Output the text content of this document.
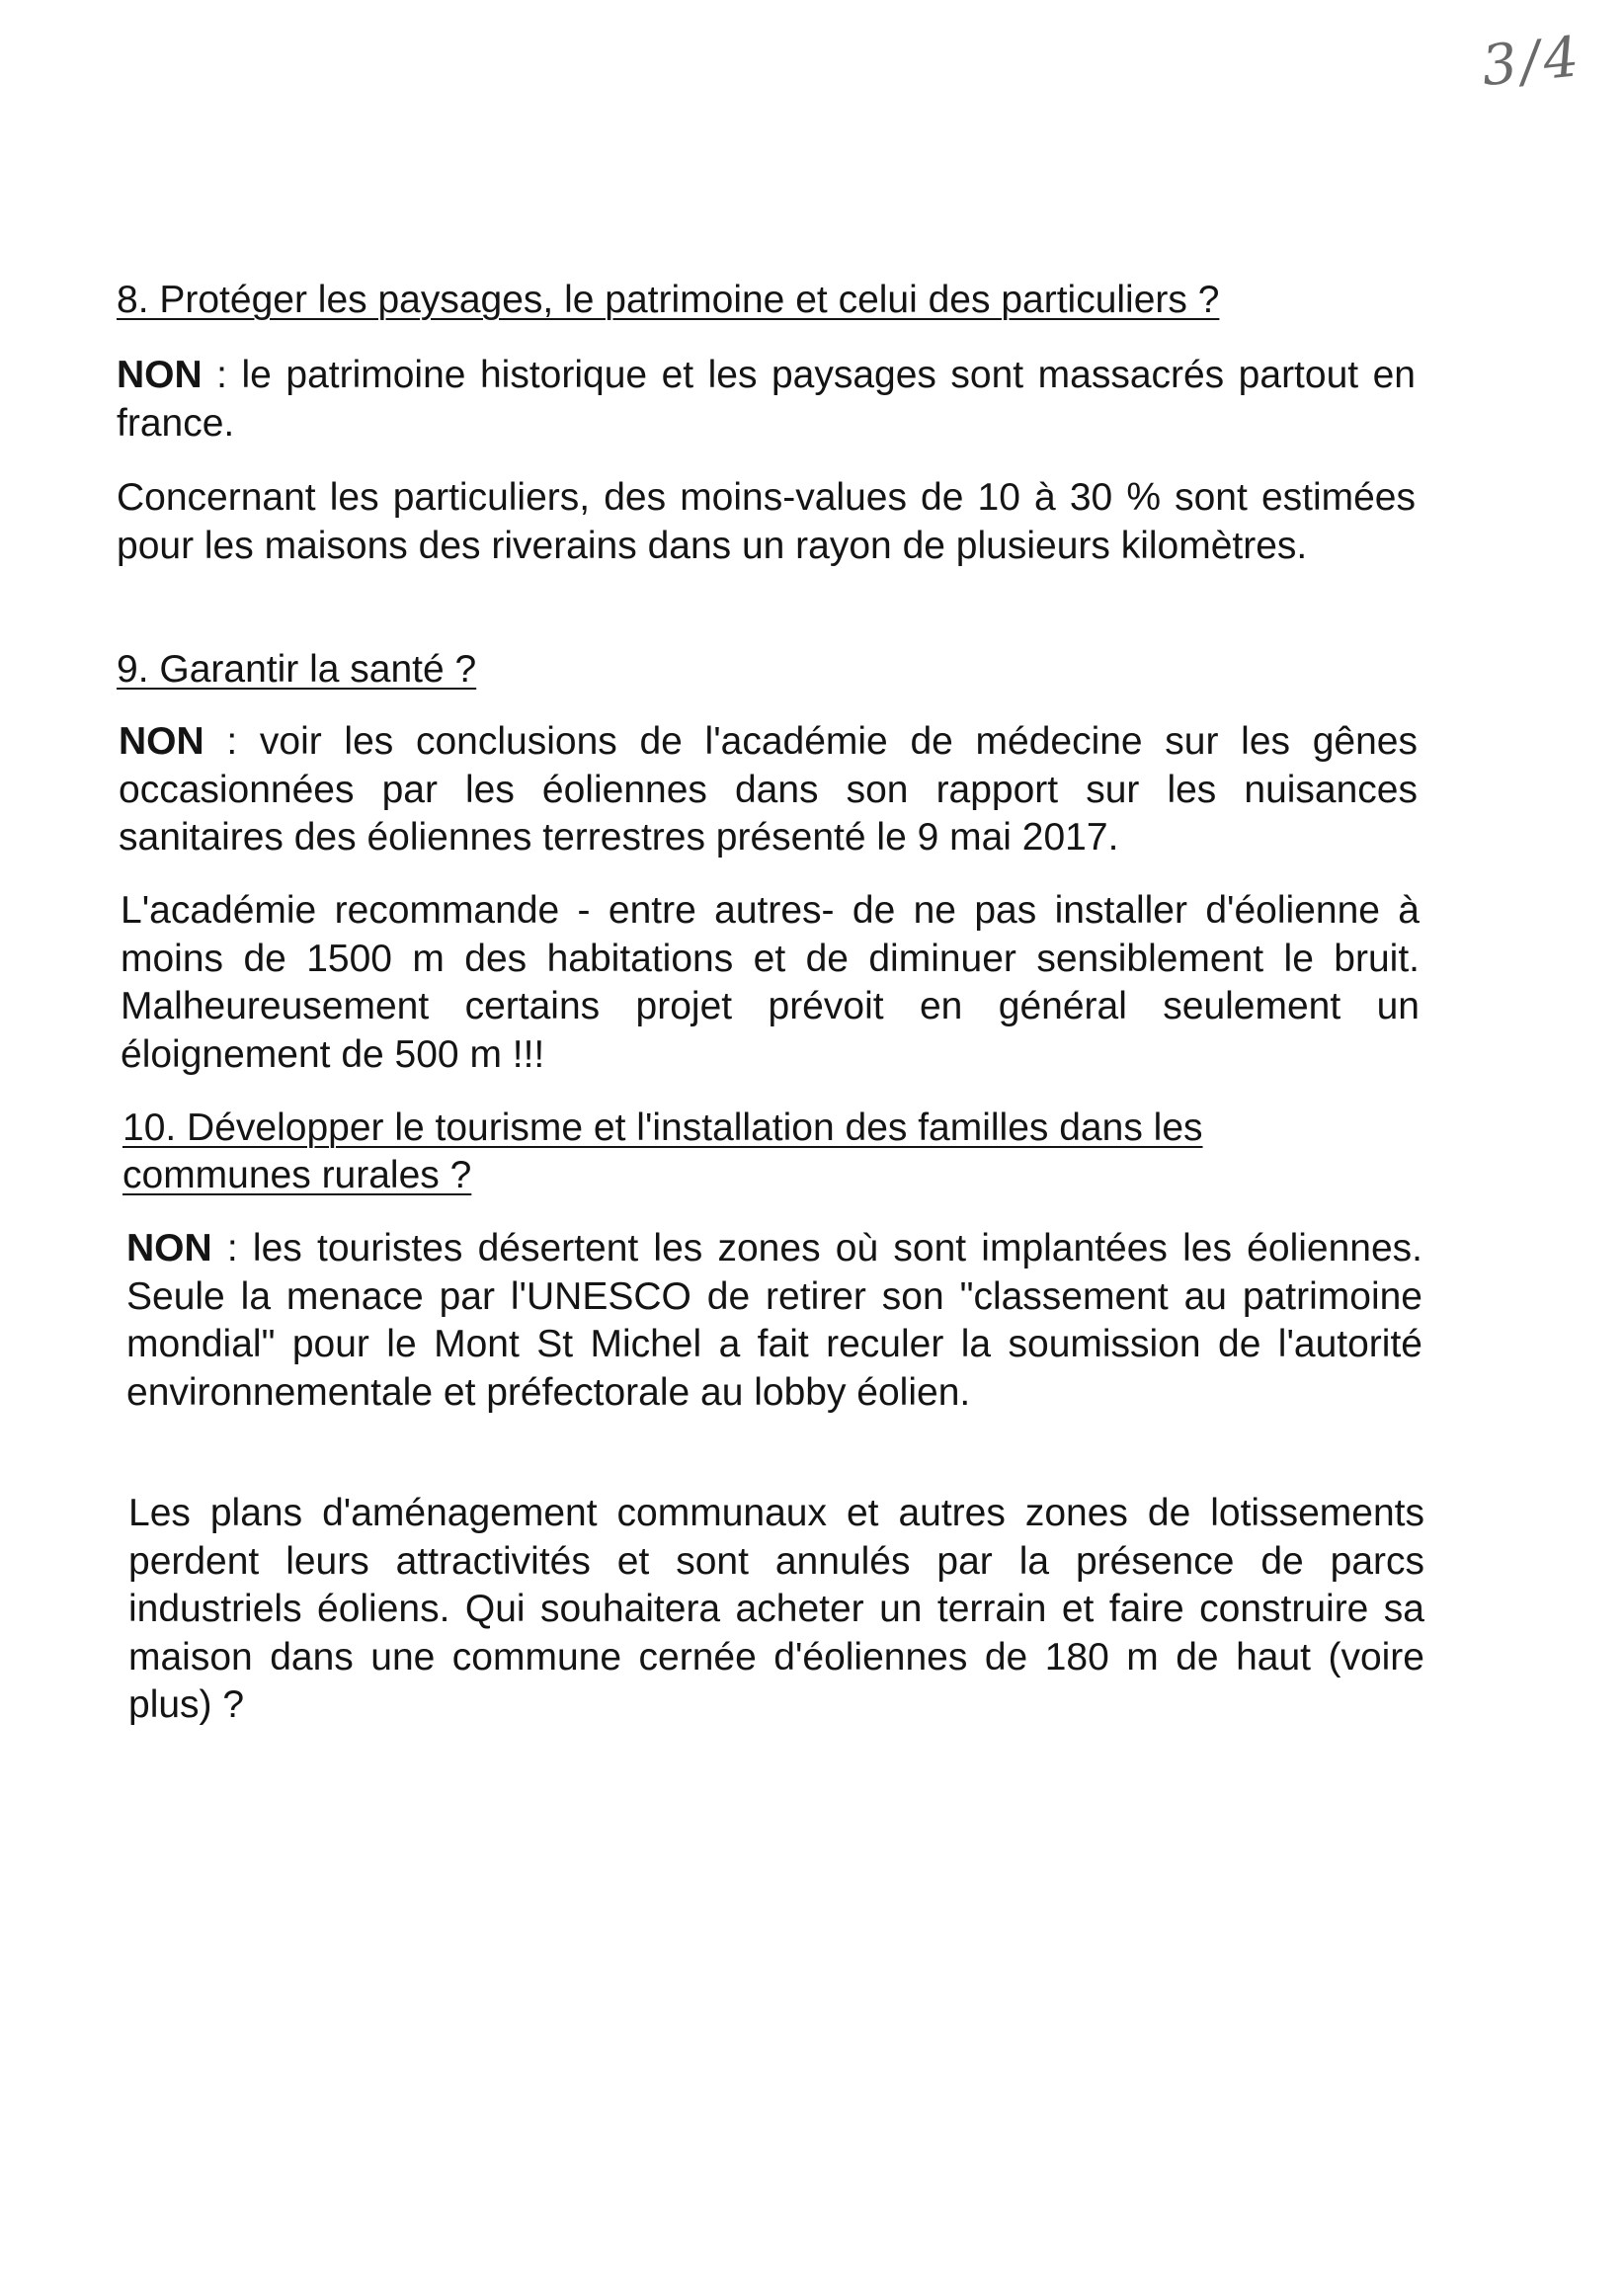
3/4
8. Protéger les paysages, le patrimoine et celui des particuliers ?
NON : le patrimoine historique et les paysages sont massacrés partout en france.
Concernant les particuliers, des moins-values de 10 à 30 % sont estimées pour les maisons des riverains dans un rayon de plusieurs kilomètres.
9. Garantir la santé ?
NON : voir les conclusions de l'académie de médecine sur les gênes occasionnées par les éoliennes dans son rapport sur les nuisances sanitaires des éoliennes terrestres présenté le 9 mai 2017.
L'académie recommande - entre autres- de ne pas installer d'éolienne à moins de 1500 m des habitations et de diminuer sensiblement le bruit. Malheureusement certains projet prévoit en général seulement un éloignement de 500 m !!!
10. Développer le tourisme et l'installation des familles dans les communes rurales ?
NON : les touristes désertent les zones où sont implantées les éoliennes. Seule la menace par l'UNESCO de retirer son "classement au patrimoine mondial" pour le Mont St Michel a fait reculer la soumission de l'autorité environnementale et préfectorale au lobby éolien.
Les plans d'aménagement communaux et autres zones de lotissements perdent leurs attractivités et sont annulés par la présence de parcs industriels éoliens. Qui souhaitera acheter un terrain et faire construire sa maison dans une commune cernée d'éoliennes de 180 m de haut (voire plus) ?
